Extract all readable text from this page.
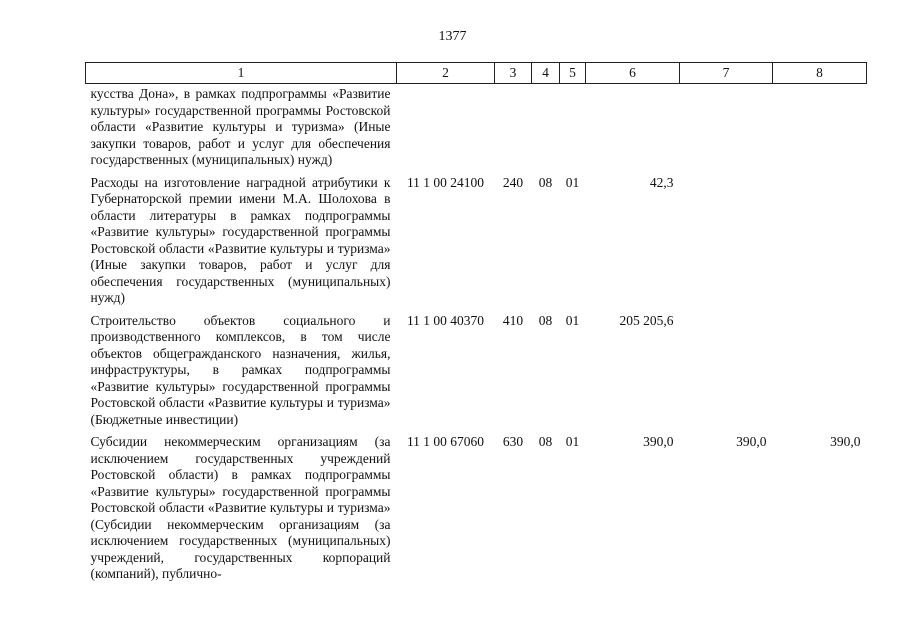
1377
1	2	3	4	5	6	7	8
кусства Дона», в рамках подпрограммы «Развитие культуры» государственной программы Ростовской области «Развитие культуры и туризма» (Иные закупки товаров, работ и услуг для обеспечения государственных (муниципальных) нужд)							
Расходы на изготовление наградной атрибутики к Губернаторской премии имени М.А. Шолохова в области литературы в рамках подпрограммы «Развитие культуры» государственной программы Ростовской области «Развитие культуры и туризма» (Иные закупки товаров, работ и услуг для обеспечения государственных (муниципальных) нужд)	11 1 00 24100	240	08	01	42,3		
Строительство объектов социального и производственного комплексов, в том числе объектов общегражданского назначения, жилья, инфраструктуры, в рамках подпрограммы «Развитие культуры» государственной программы Ростовской области «Развитие культуры и туризма» (Бюджетные инвестиции)	11 1 00 40370	410	08	01	205 205,6		
Субсидии некоммерческим организациям (за исключением государственных учреждений Ростовской области) в рамках подпрограммы «Развитие культуры» государственной программы Ростовской области «Развитие культуры и туризма» (Субсидии некоммерческим организациям (за исключением государственных (муниципальных) учреждений, государственных корпораций (компаний), публично-	11 1 00 67060	630	08	01	390,0	390,0	390,0
